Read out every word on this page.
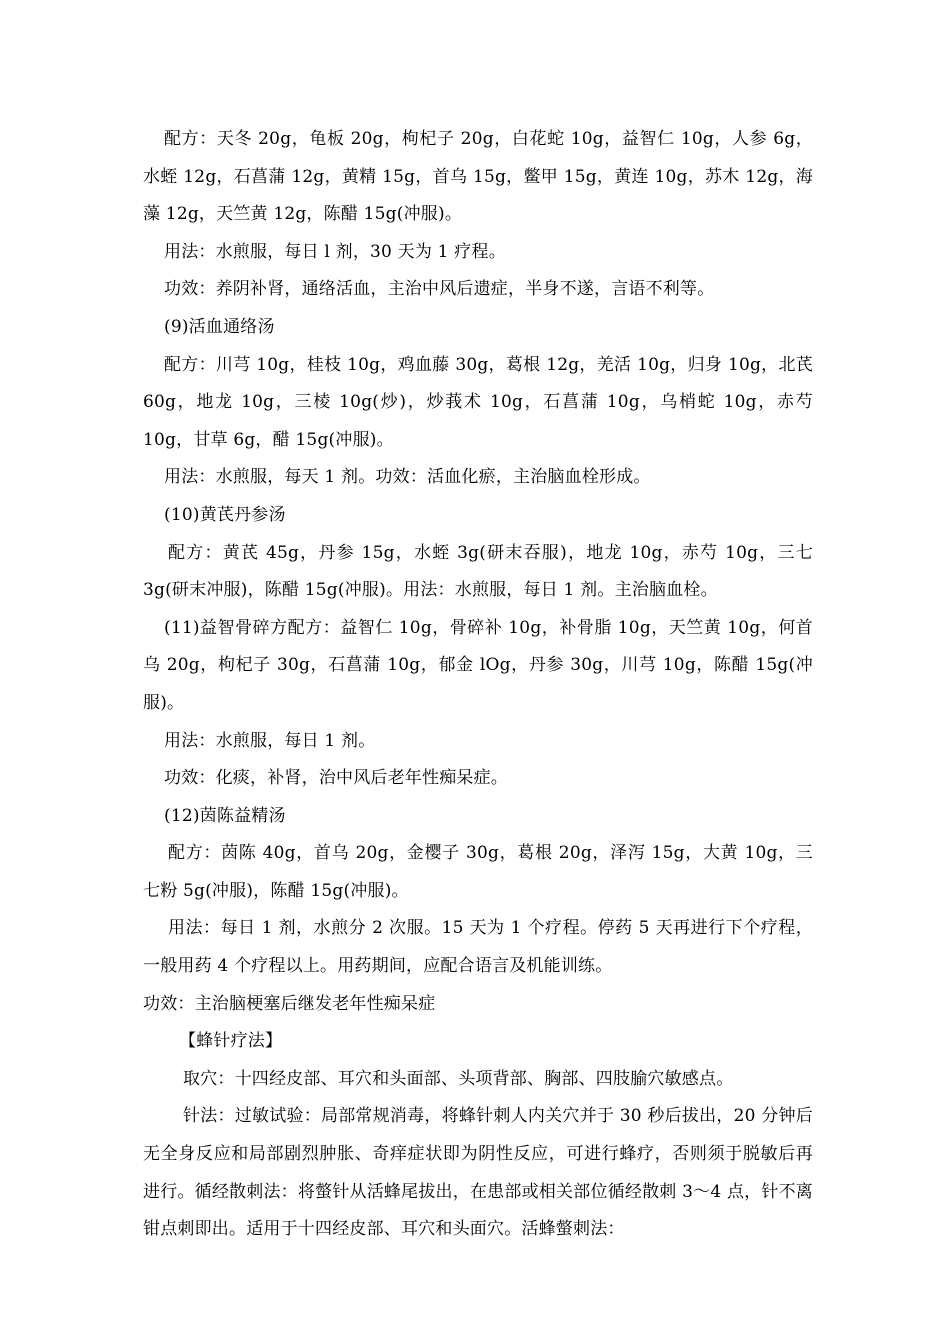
配方：天冬 20g，龟板 20g，枸杞子 20g，白花蛇 10g，益智仁 10g，人参 6g，水蛭 12g，石菖蒲 12g，黄精 15g，首乌 15g，鳖甲 15g，黄连 10g，苏木 12g，海藻 12g，天竺黄 12g，陈醋 15g(冲服)。

用法：水煎服，每日 l 剂，30 天为 1 疗程。

功效：养阴补肾，通络活血，主治中风后遗症，半身不遂，言语不利等。

(9)活血通络汤

配方：川芎 10g，桂枝 10g，鸡血藤 30g，葛根 12g，羌活 10g，归身 10g，北芪 60g，地龙 10g，三棱 10g(炒)，炒莪术 10g，石菖蒲 10g，乌梢蛇 10g，赤芍 10g，甘草 6g，醋 15g(冲服)。

用法：水煎服，每天 1 剂。功效：活血化瘀，主治脑血栓形成。

(10)黄芪丹参汤

配方：黄芪 45g，丹参 15g，水蛭 3g(研末吞服)，地龙 10g，赤芍 10g，三七 3g(研末冲服)，陈醋 15g(冲服)。用法：水煎服，每日 1 剂。主治脑血栓。

(11)益智骨碎方配方：益智仁 10g，骨碎补 10g，补骨脂 10g，天竺黄 10g，何首乌 20g，枸杞子 30g，石菖蒲 10g，郁金 lOg，丹参 30g，川芎 10g，陈醋 15g(冲服)。

用法：水煎服，每日 1 剂。

功效：化痰，补肾，治中风后老年性痴呆症。

(12)茵陈益精汤

配方：茵陈 40g，首乌 20g，金樱子 30g，葛根 20g，泽泻 15g，大黄 10g，三七粉 5g(冲服)，陈醋 15g(冲服)。

用法：每日 1 剂，水煎分 2 次服。15 天为 1 个疗程。停药 5 天再进行下个疗程，一般用药 4 个疗程以上。用药期间，应配合语言及机能训练。

功效：主治脑梗塞后继发老年性痴呆症

【蜂针疗法】

取穴：十四经皮部、耳穴和头面部、头项背部、胸部、四肢腧穴敏感点。

针法：过敏试验：局部常规消毒，将蜂针刺人内关穴并于 30 秒后拔出，20 分钟后无全身反应和局部剧烈肿胀、奇痒症状即为阴性反应，可进行蜂疗，否则须于脱敏后再进行。循经散刺法：将螫针从活蜂尾拔出，在患部或相关部位循经散刺 3～4 点，针不离钳点刺即出。适用于十四经皮部、耳穴和头面穴。活蜂螫刺法：
